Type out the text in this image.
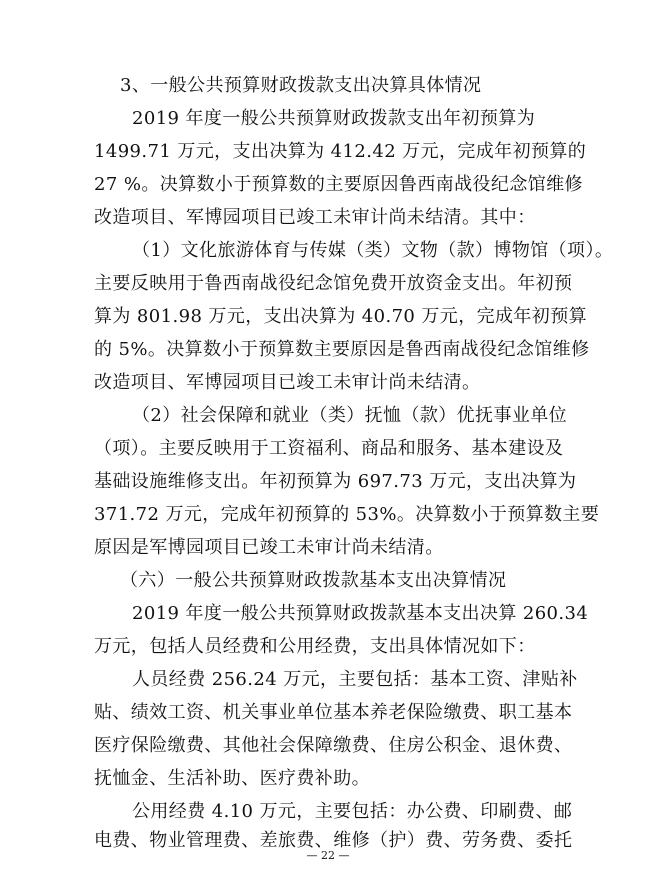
3、一般公共预算财政拨款支出决算具体情况
2019 年度一般公共预算财政拨款支出年初预算为
1499.71 万元，支出决算为 412.42 万元，完成年初预算的
27 %。决算数小于预算数的主要原因鲁西南战役纪念馆维修
改造项目、军博园项目已竣工未审计尚未结清。其中：
（1）文化旅游体育与传媒（类）文物（款）博物馆（项）。
主要反映用于鲁西南战役纪念馆免费开放资金支出。年初预
算为 801.98 万元，支出决算为 40.70 万元，完成年初预算
的 5%。决算数小于预算数主要原因是鲁西南战役纪念馆维修
改造项目、军博园项目已竣工未审计尚未结清。
（2）社会保障和就业（类）抚恤（款）优抚事业单位
（项）。主要反映用于工资福利、商品和服务、基本建设及
基础设施维修支出。年初预算为 697.73 万元，支出决算为
371.72 万元，完成年初预算的 53%。决算数小于预算数主要
原因是军博园项目已竣工未审计尚未结清。
（六）一般公共预算财政拨款基本支出决算情况
2019 年度一般公共预算财政拨款基本支出决算 260.34
万元，包括人员经费和公用经费，支出具体情况如下：
人员经费 256.24 万元，主要包括：基本工资、津贴补
贴、绩效工资、机关事业单位基本养老保险缴费、职工基本
医疗保险缴费、其他社会保障缴费、住房公积金、退休费、
抚恤金、生活补助、医疗费补助。
公用经费 4.10 万元，主要包括：办公费、印刷费、邮
电费、物业管理费、差旅费、维修（护）费、劳务费、委托
— 22 —
